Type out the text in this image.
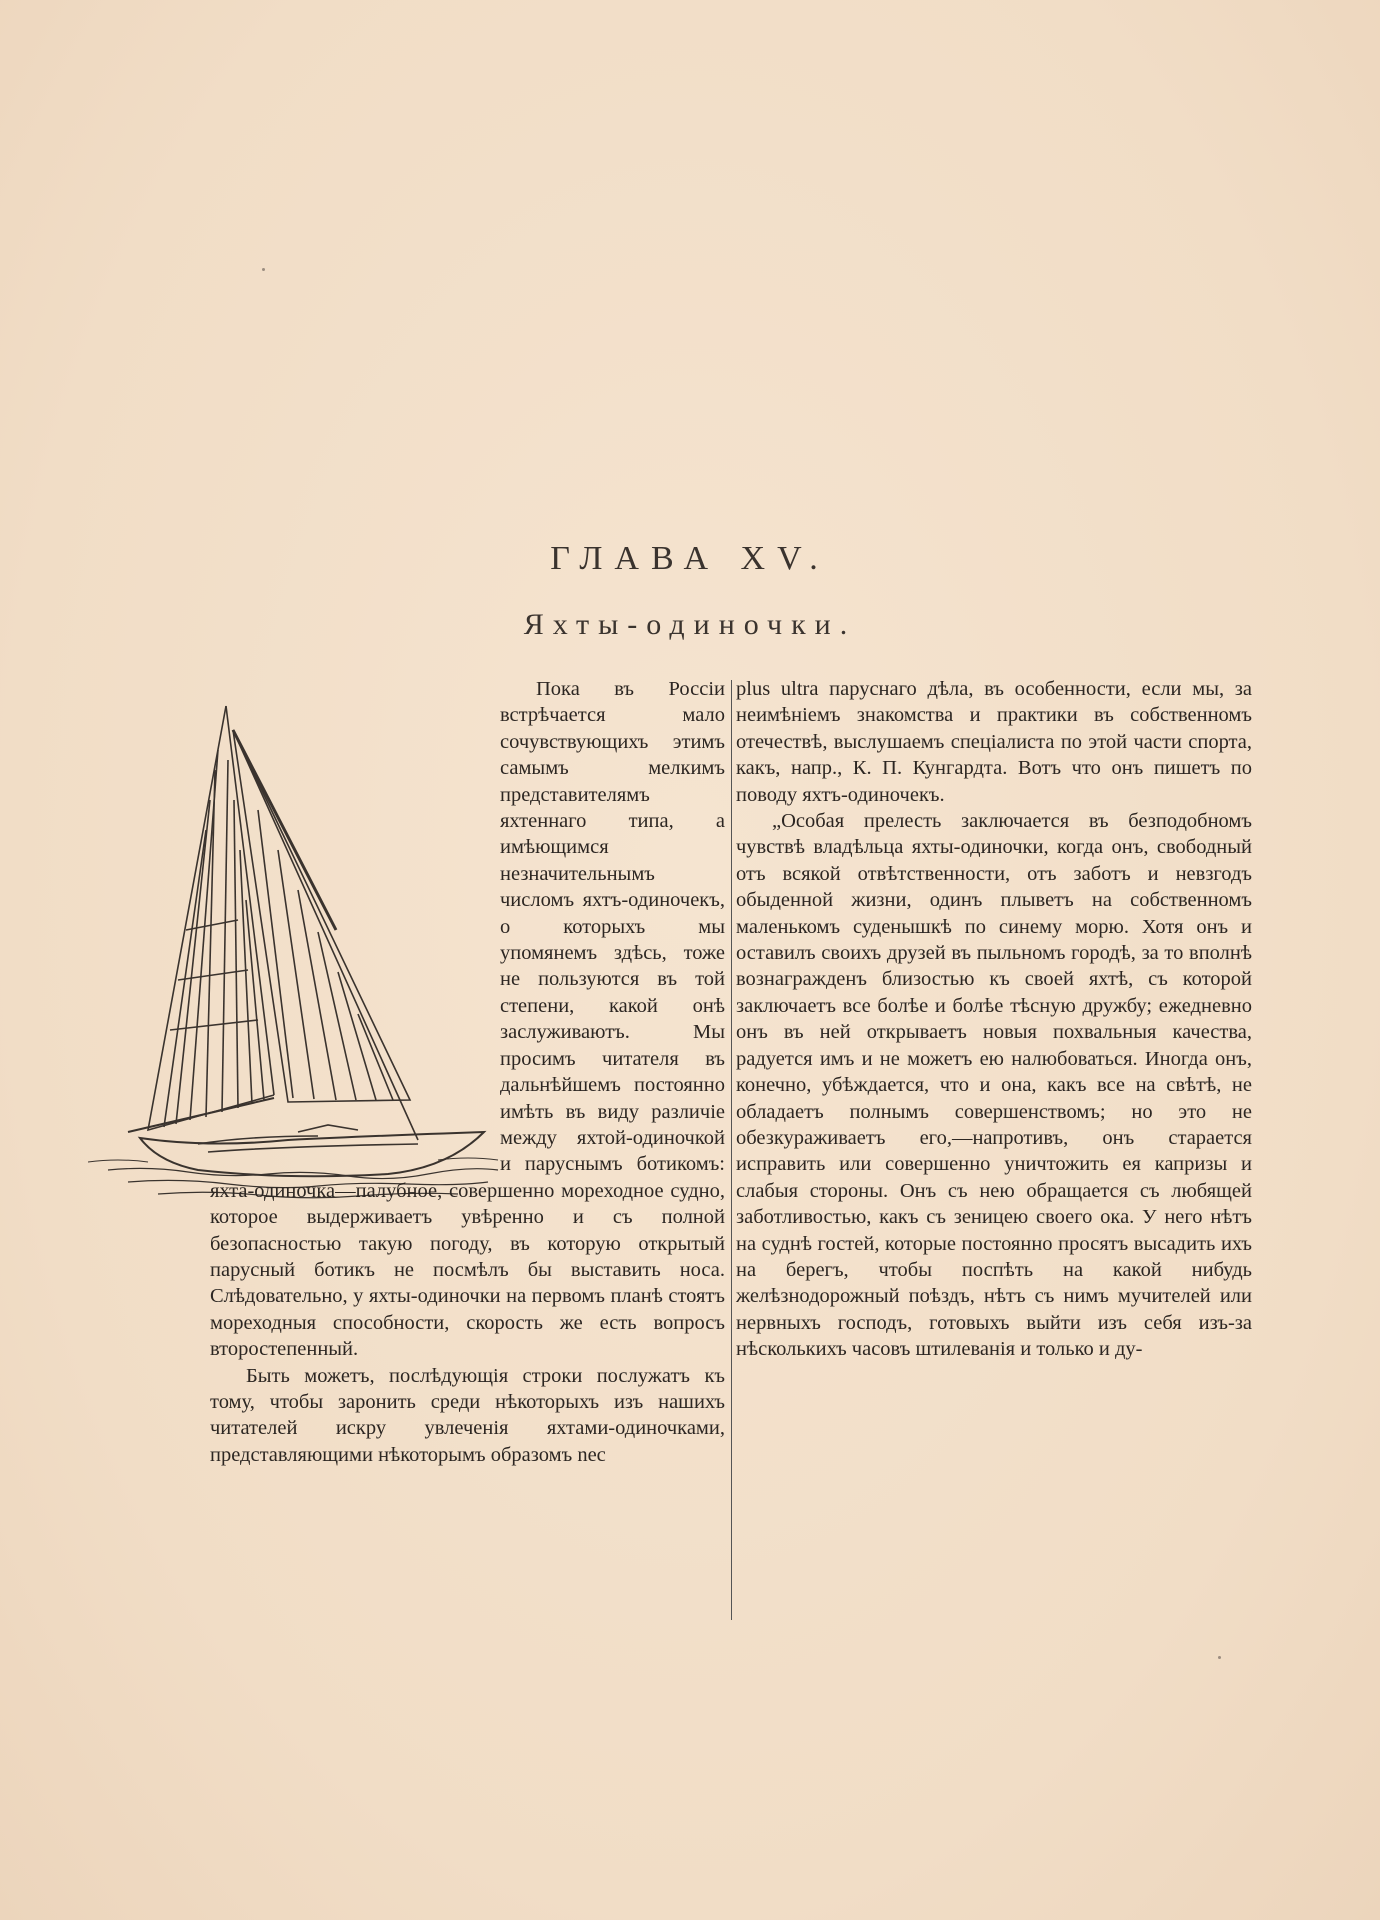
ГЛАВА XV.
Яхты-одиночки.

Пока въ Россіи встрѣчается мало сочувствующихъ этимъ самымъ мелкимъ представителямъ яхтеннаго типа, а имѣющимся незначительнымъ числомъ яхтъ-одиночекъ, о которыхъ мы упомянемъ здѣсь, тоже не пользуются въ той степени, какой онѣ заслуживаютъ. Мы просимъ читателя въ дальнѣйшемъ постоянно имѣть въ виду различіе между яхтой-одиночкой и паруснымъ ботикомъ: яхта-одиночка—палубное, совершенно мореходное судно, которое выдерживаетъ увѣренно и съ полной безопасностью такую погоду, въ которую открытый парусный ботикъ не посмѣлъ бы выставить носа. Слѣдовательно, у яхты-одиночки на первомъ планѣ стоятъ мореходныя способности, скорость же есть вопросъ второстепенный.

Быть можетъ, послѣдующія строки послужатъ къ тому, чтобы заронить среди нѣкоторыхъ изъ нашихъ читателей искру увлеченія яхтами-одиночками, представляющими нѣкоторымъ образомъ nec

plus ultra паруснаго дѣла, въ особенности, если мы, за неимѣніемъ знакомства и практики въ собственномъ отечествѣ, выслушаемъ спеціалиста по этой части спорта, какъ, напр., К. П. Кунгардта. Вотъ что онъ пишетъ по поводу яхтъ-одиночекъ.

„Особая прелесть заключается въ безподобномъ чувствѣ владѣльца яхты-одиночки, когда онъ, свободный отъ всякой отвѣтственности, отъ заботъ и невзгодъ обыденной жизни, одинъ плыветъ на собственномъ маленькомъ суденышкѣ по синему морю. Хотя онъ и оставилъ своихъ друзей въ пыльномъ городѣ, за то вполнѣ вознагражденъ близостью къ своей яхтѣ, съ которой заключаетъ все болѣе и болѣе тѣсную дружбу; ежедневно онъ въ ней открываетъ новыя похвальныя качества, радуется имъ и не можетъ ею налюбоваться. Иногда онъ, конечно, убѣждается, что и она, какъ все на свѣтѣ, не обладаетъ полнымъ совершенствомъ; но это не обезкураживаетъ его,—напротивъ, онъ старается исправить или совершенно уничтожить ея капризы и слабыя стороны. Онъ съ нею обращается съ любящей заботливостью, какъ съ зеницею своего ока. У него нѣтъ на суднѣ гостей, которые постоянно просятъ высадить ихъ на берегъ, чтобы поспѣть на какой нибудь желѣзнодорожный поѣздъ, нѣтъ съ нимъ мучителей или нервныхъ господъ, готовыхъ выйти изъ себя изъ-за нѣсколькихъ часовъ штилеванія и только и ду-
